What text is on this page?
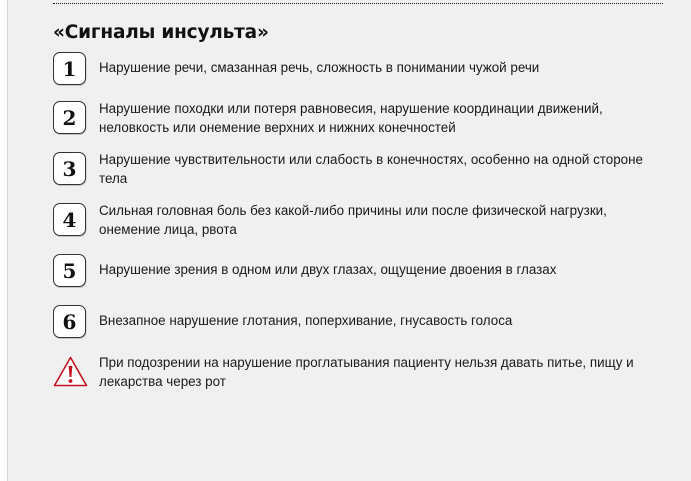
«Сигналы инсульта»
1	Нарушение речи, смазанная речь, сложность в понимании чужой речи

2	Нарушение походки или потеря равновесия, нарушение координации движений, неловкость или онемение верхних и нижних конечностей

3	Нарушение чувствительности или слабость в конечностях, особенно на одной стороне тела

4	Сильная головная боль без какой-либо причины или после физической нагрузки, онемение лица, рвота

5	Нарушение зрения в одном или двух глазах, ощущение двоения в глазах

6	Внезапное нарушение глотания, поперхивание, гнусавость голоса

При подозрении на нарушение проглатывания пациенту нельзя давать питье, пищу и лекарства через рот
